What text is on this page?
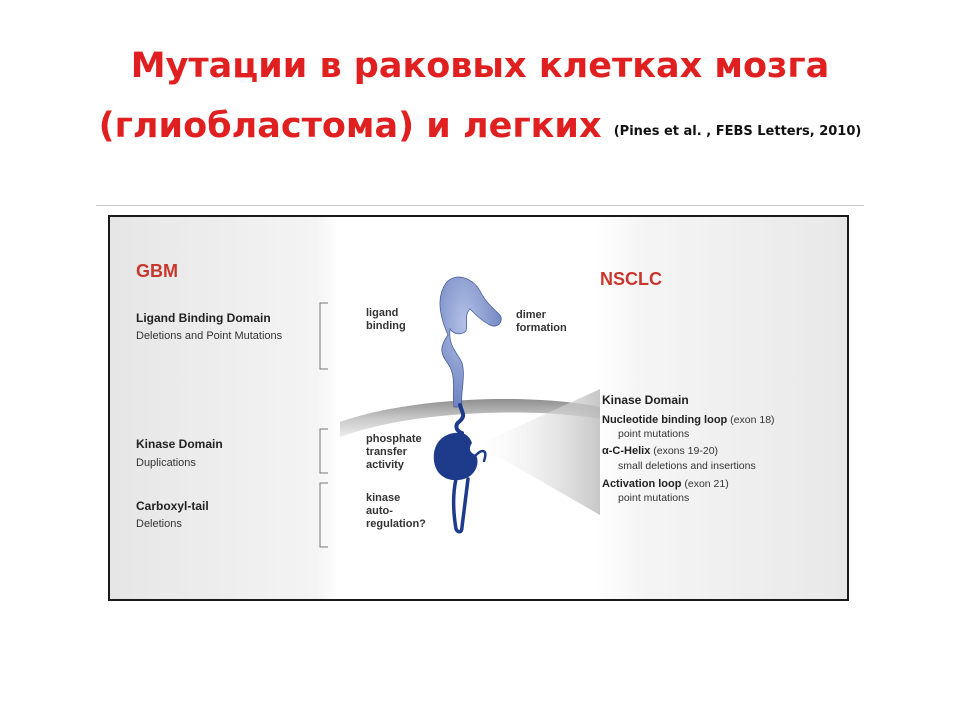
Мутации в раковых клетках мозга
(глиобластома) и легких (Pines et al. , FEBS Letters, 2010)
GBM
Ligand Binding Domain
Deletions and Point Mutations
Kinase Domain
Duplications
Carboxyl-tail
Deletions
ligand
binding
dimer
formation
phosphate
transfer
activity
kinase
auto-
regulation?
NSCLC
Kinase Domain
Nucleotide binding loop (exon 18)
point mutations
α-C-Helix (exons 19-20)
small deletions and insertions
Activation loop (exon 21)
point mutations
